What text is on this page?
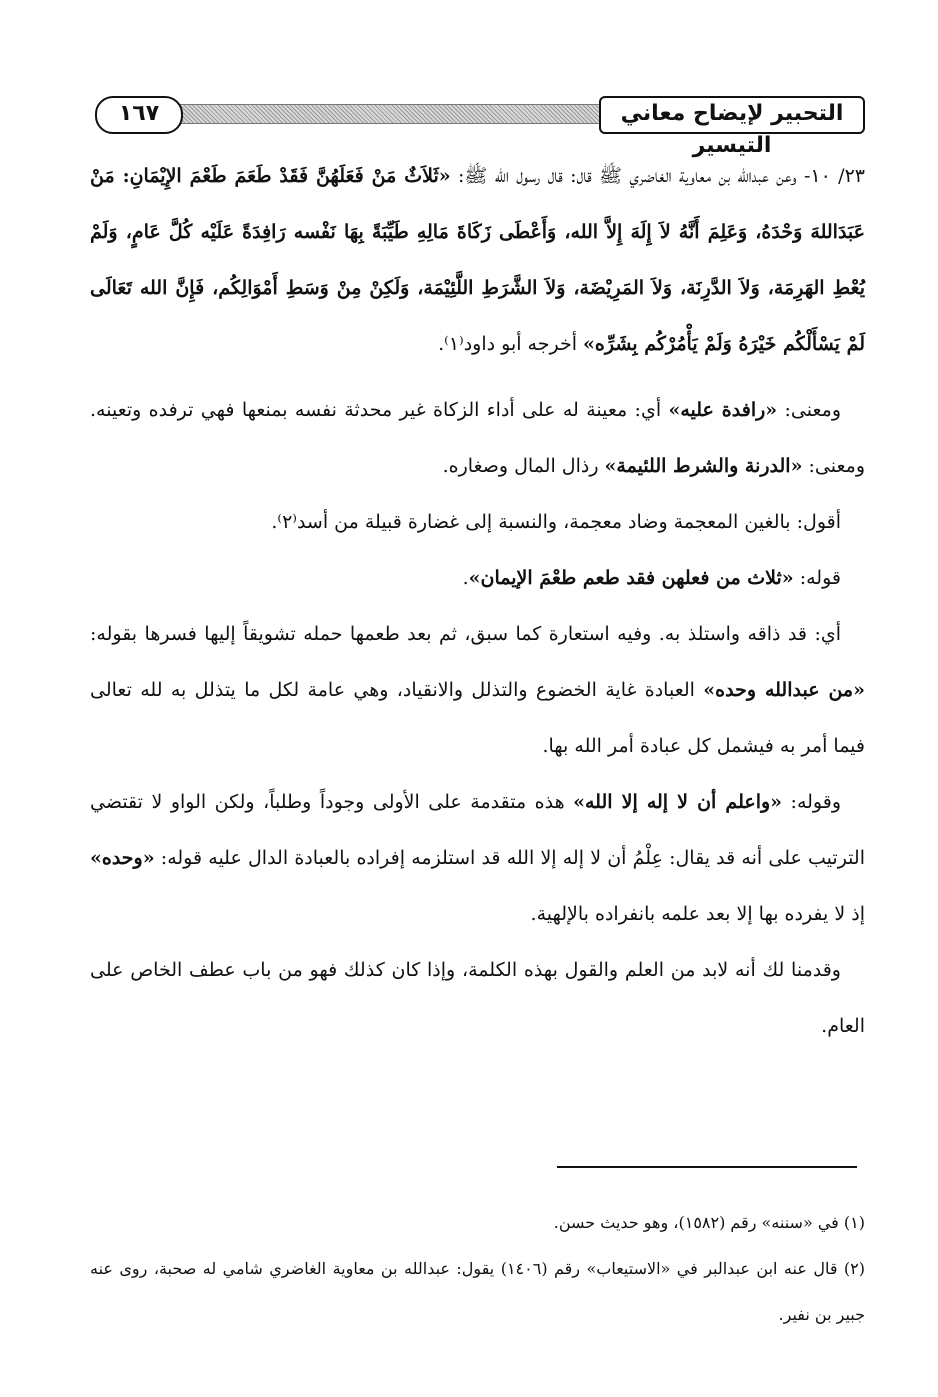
التحبير لإيضاح معاني التيسير
١٦٧

٢٣/ ١٠- وعن عبدالله بن معاوية الغاضري ﷺ قال: قال رسول الله ﷺ: «ثَلاَثٌ مَنْ فَعَلَهُنَّ فَقَدْ طَعَمَ طَعْمَ الإِيْمَانِ: مَنْ عَبَدَاللهَ وَحْدَهُ، وَعَلِمَ أَنَّهُ لاَ إِلَهَ إِلاَّ الله، وَأَعْطَى زَكَاةَ مَالِهِ طَيِّبَةً بِهَا نَفْسه رَافِدَةً عَلَيْه كُلَّ عَامٍ، وَلَمْ يُعْطِ الهَرِمَة، وَلاَ الدَّرِنَة، وَلاَ المَرِيْضَة، وَلاَ الشَّرَطِ اللَّئِيْمَة، وَلَكِنْ مِنْ وَسَطِ أَمْوَالِكُم، فَإِنَّ الله تَعَالَى لَمْ يَسْأَلْكُم خَيْرَهُ وَلَمْ يَأْمُرْكُم بِشَرِّه» أخرجه أبو داود⁽١⁾.

ومعنى: «رافدة عليه» أي: معينة له على أداء الزكاة غير محدثة نفسه بمنعها فهي ترفده وتعينه. ومعنى: «الدرنة والشرط اللئيمة» رذال المال وصغاره.

أقول: بالغين المعجمة وضاد معجمة، والنسبة إلى غضارة قبيلة من أسد⁽٢⁾.

قوله: «ثلاث من فعلهن فقد طعم طعْمَ الإيمان».

أي: قد ذاقه واستلذ به. وفيه استعارة كما سبق، ثم بعد طعمها حمله تشويقاً إليها فسرها بقوله: «من عبدالله وحده» العبادة غاية الخضوع والتذلل والانقياد، وهي عامة لكل ما يتذلل به لله تعالى فيما أمر به فيشمل كل عبادة أمر الله بها.

وقوله: «واعلم أن لا إله إلا الله» هذه متقدمة على الأولى وجوداً وطلباً، ولكن الواو لا تقتضي الترتيب على أنه قد يقال: عِلْمُ أن لا إله إلا الله قد استلزمه إفراده بالعبادة الدال عليه قوله: «وحده» إذ لا يفرده بها إلا بعد علمه بانفراده بالإلهية.

وقدمنا لك أنه لابد من العلم والقول بهذه الكلمة، وإذا كان كذلك فهو من باب عطف الخاص على العام.

(١) في «سننه» رقم (١٥٨٢)، وهو حديث حسن.

(٢) قال عنه ابن عبدالبر في «الاستيعاب» رقم (١٤٠٦) يقول: عبدالله بن معاوية الغاضري شامي له صحبة، روى عنه جبير بن نفير.
